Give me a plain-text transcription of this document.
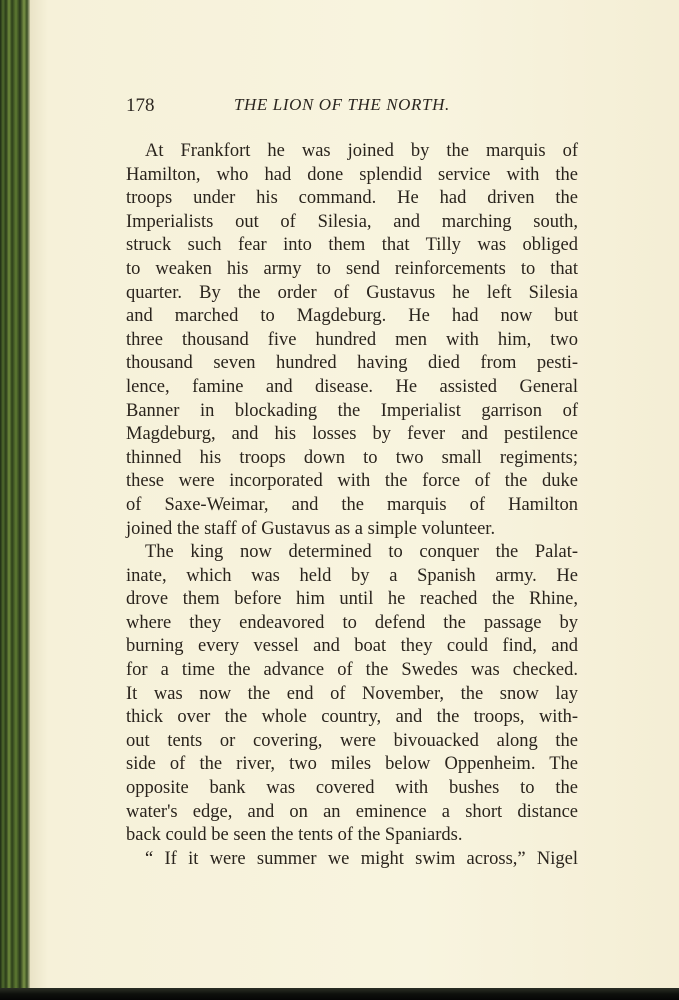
178	THE LION OF THE NORTH.
At Frankfort he was joined by the marquis of
Hamilton, who had done splendid service with the
troops under his command. He had driven the
Imperialists out of Silesia, and marching south,
struck such fear into them that Tilly was obliged
to weaken his army to send reinforcements to that
quarter. By the order of Gustavus he left Silesia
and marched to Magdeburg. He had now but
three thousand five hundred men with him, two
thousand seven hundred having died from pesti-
lence, famine and disease. He assisted General
Banner in blockading the Imperialist garrison of
Magdeburg, and his losses by fever and pestilence
thinned his troops down to two small regiments;
these were incorporated with the force of the duke
of Saxe-Weimar, and the marquis of Hamilton
joined the staff of Gustavus as a simple volunteer.
The king now determined to conquer the Palat-
inate, which was held by a Spanish army. He
drove them before him until he reached the Rhine,
where they endeavored to defend the passage by
burning every vessel and boat they could find, and
for a time the advance of the Swedes was checked.
It was now the end of November, the snow lay
thick over the whole country, and the troops, with-
out tents or covering, were bivouacked along the
side of the river, two miles below Oppenheim. The
opposite bank was covered with bushes to the
water's edge, and on an eminence a short distance
back could be seen the tents of the Spaniards.
“ If it were summer we might swim across,” Nigel
